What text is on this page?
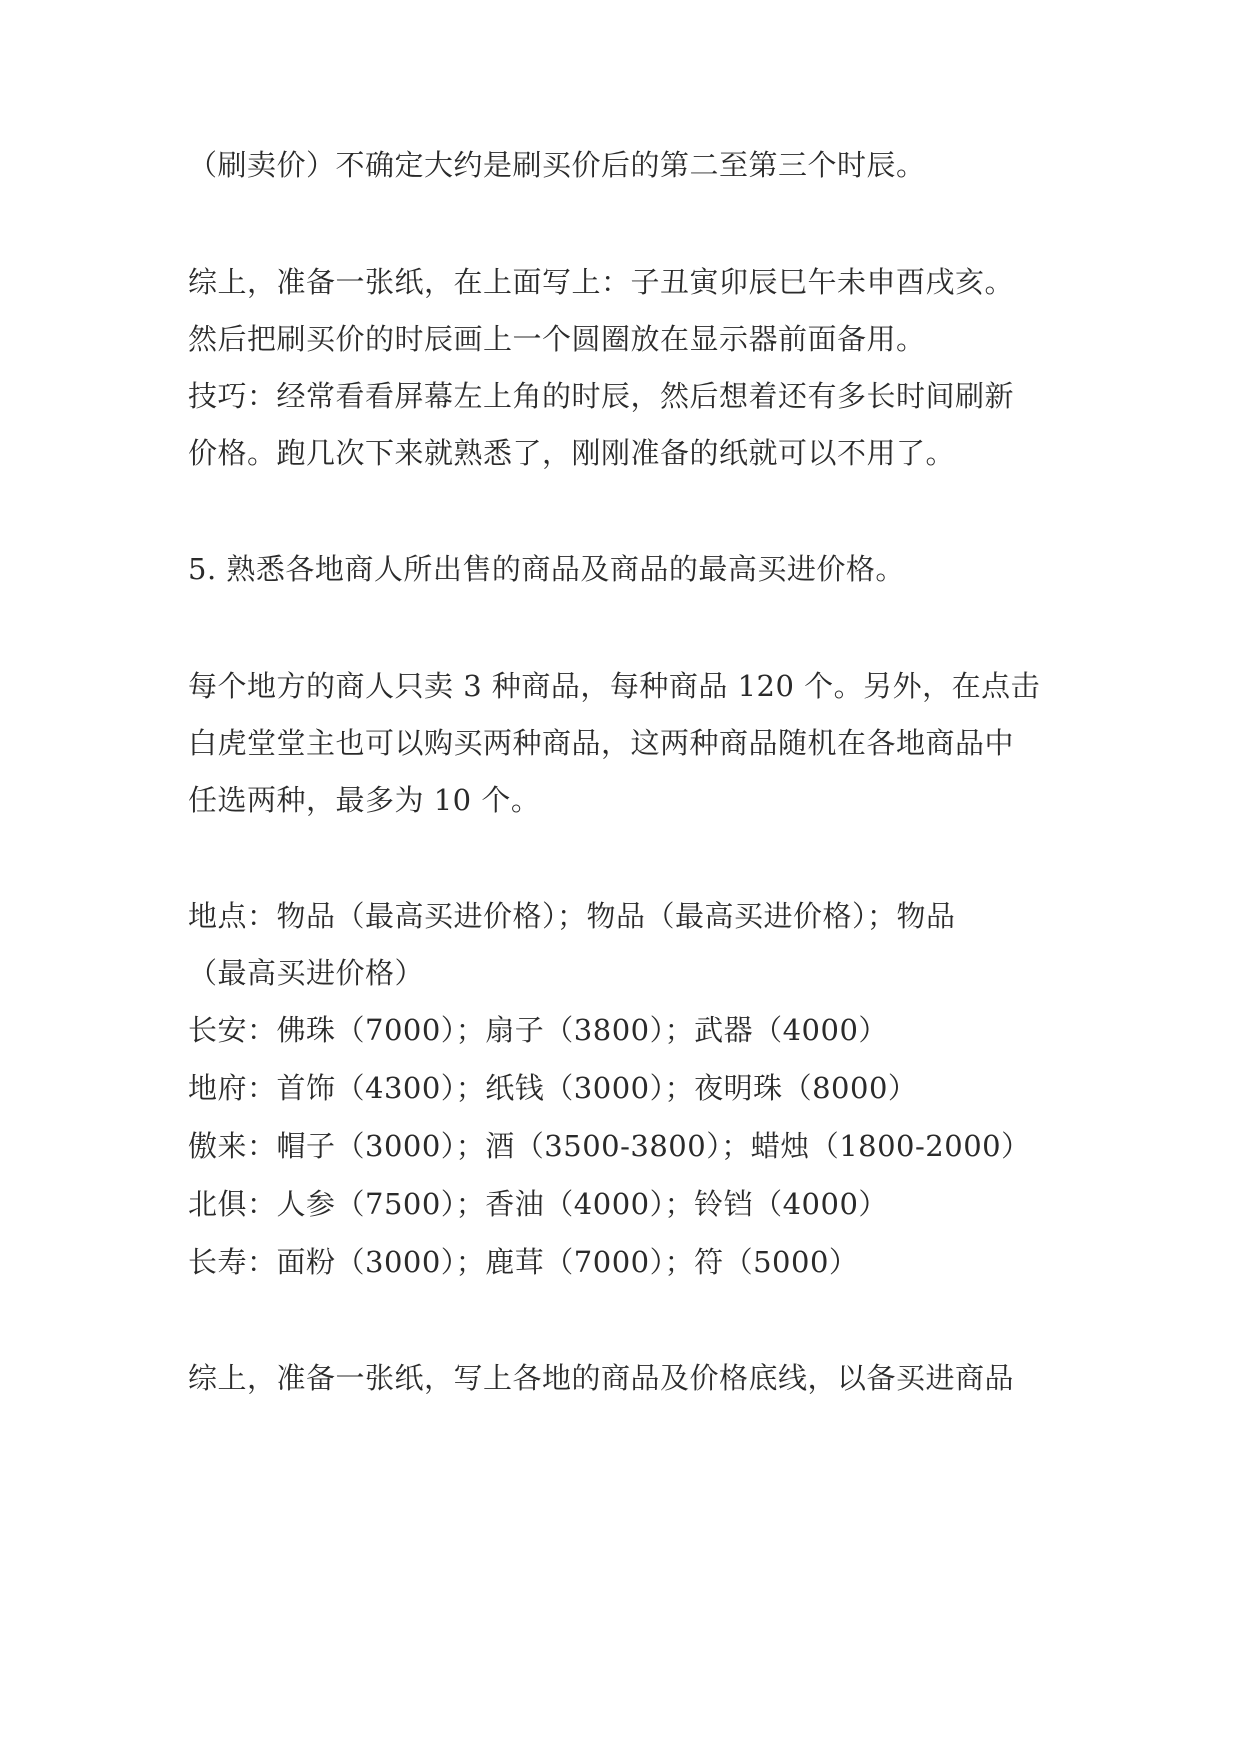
（刷卖价）不确定大约是刷买价后的第二至第三个时辰。
综上，准备一张纸，在上面写上：子丑寅卯辰巳午未申酉戌亥。
然后把刷买价的时辰画上一个圆圈放在显示器前面备用。
技巧：经常看看屏幕左上角的时辰，然后想着还有多长时间刷新
价格。跑几次下来就熟悉了，刚刚准备的纸就可以不用了。
5. 熟悉各地商人所出售的商品及商品的最高买进价格。
每个地方的商人只卖 3 种商品，每种商品 120 个。另外，在点击
白虎堂堂主也可以购买两种商品，这两种商品随机在各地商品中
任选两种，最多为 10 个。
地点：物品（最高买进价格）；物品（最高买进价格）；物品
（最高买进价格）
长安：佛珠（7000）；扇子（3800）；武器（4000）
地府：首饰（4300）；纸钱（3000）；夜明珠（8000）
傲来：帽子（3000）；酒（3500-3800）；蜡烛（1800-2000）
北俱：人参（7500）；香油（4000）；铃铛（4000）
长寿：面粉（3000）；鹿茸（7000）；符（5000）
综上，准备一张纸，写上各地的商品及价格底线，以备买进商品
